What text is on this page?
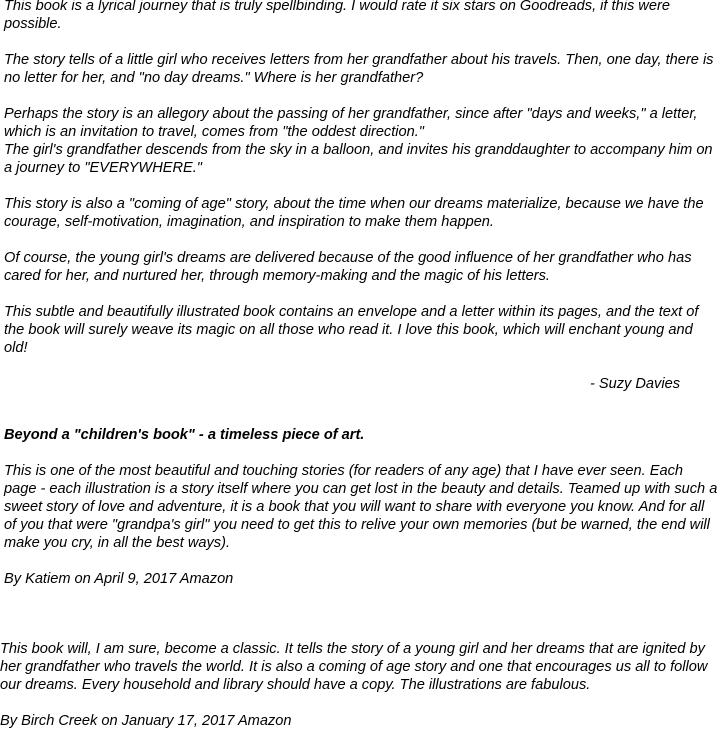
This book is a lyrical journey that is truly spellbinding. I would rate it six stars on Goodreads, if this were possible.

The story tells of a little girl who receives letters from her grandfather about his travels. Then, one day, there is no letter for her, and "no day dreams." Where is her grandfather?

Perhaps the story is an allegory about the passing of her grandfather, since after "days and weeks," a letter, which is an invitation to travel, comes from "the oddest direction."

The girl's grandfather descends from the sky in a balloon, and invites his granddaughter to accompany him on a journey to "EVERYWHERE."

This story is also a "coming of age" story, about the time when our dreams materialize, because we have the courage, self-motivation, imagination, and inspiration to make them happen.

Of course, the young girl's dreams are delivered because of the good influence of her grandfather who has cared for her, and nurtured her, through memory-making and the magic of his letters.

This subtle and beautifully illustrated book contains an envelope and a letter within its pages, and the text of the book will surely weave its magic on all those who read it. I love this book, which will enchant young and old!

- Suzy Davies

Beyond a "children's book" - a timeless piece of art.

This is one of the most beautiful and touching stories (for readers of any age) that I have ever seen. Each page - each illustration is a story itself where you can get lost in the beauty and details. Teamed up with such a sweet story of love and adventure, it is a book that you will want to share with everyone you know. And for all of you that were "grandpa's girl" you need to get this to relive your own memories (but be warned, the end will make you cry, in all the best ways).

By Katiem on April 9, 2017 Amazon

This book will, I am sure, become a classic. It tells the story of a young girl and her dreams that are ignited by her grandfather who travels the world. It is also a coming of age story and one that encourages us all to follow our dreams. Every household and library should have a copy. The illustrations are fabulous.

By Birch Creek on January 17, 2017 Amazon
